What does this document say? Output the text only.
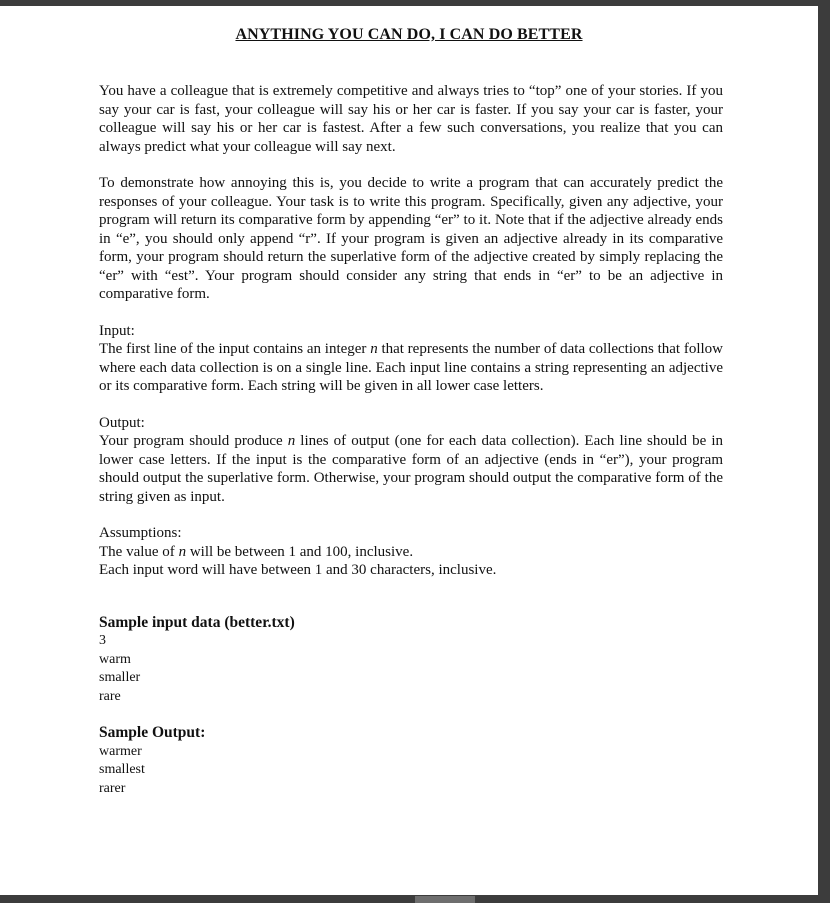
ANYTHING YOU CAN DO, I CAN DO BETTER

You have a colleague that is extremely competitive and always tries to “top” one of your stories. If you say your car is fast, your colleague will say his or her car is faster. If you say your car is faster, your colleague will say his or her car is fastest. After a few such conversations, you realize that you can always predict what your colleague will say next.

To demonstrate how annoying this is, you decide to write a program that can accurately predict the responses of your colleague. Your task is to write this program. Specifically, given any adjective, your program will return its comparative form by appending “er” to it. Note that if the adjective already ends in “e”, you should only append “r”. If your program is given an adjective already in its comparative form, your program should return the superlative form of the adjective created by simply replacing the “er” with “est”. Your program should consider any string that ends in “er” to be an adjective in comparative form.

Input:

The first line of the input contains an integer n that represents the number of data collections that follow where each data collection is on a single line. Each input line contains a string representing an adjective or its comparative form. Each string will be given in all lower case letters.

Output:

Your program should produce n lines of output (one for each data collection). Each line should be in lower case letters. If the input is the comparative form of an adjective (ends in “er”), your program should output the superlative form. Otherwise, your program should output the comparative form of the string given as input.

Assumptions:
The value of n will be between 1 and 100, inclusive.
Each input word will have between 1 and 30 characters, inclusive.
Sample input data (better.txt)
3
warm
smaller
rare
Sample Output:
warmer
smallest
rarer
